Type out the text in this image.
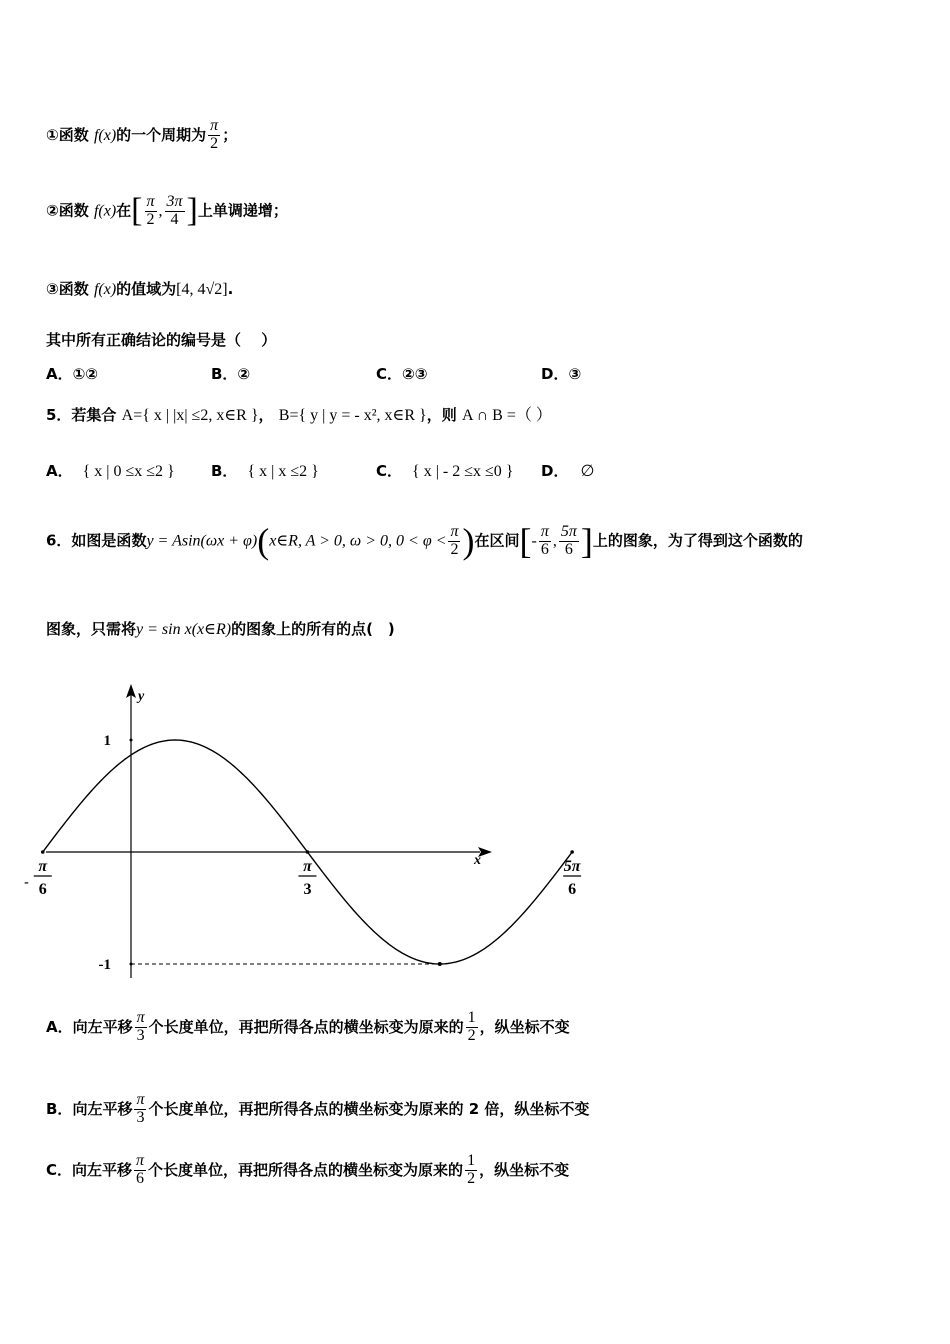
①函数 f(x)的一个周期为 $\frac{\pi}{2}$ ；
②函数 f(x)在[ $\frac{\pi}{2}$ , $\frac{3\pi}{4}$ ]上单调递增；
③函数 f(x)的值域为[4, 4√2].
其中所有正确结论的编号是（　 ）
A．①②	B．②	C．②③	D．③
5．若集合 A={ x | |x| ≤2, x∈R }， B={ y | y = - x², x∈R }，则 A ∩ B =（ ）
A． { x | 0 ≤x ≤2 } B． { x | x ≤2 }	C． { x | - 2 ≤x ≤0 } D． ∅
6．如图是函数y = Asin(ωx + φ)(x∈R, A > 0, ω > 0, $0 < \varphi < \frac{\pi}{2}$ )在区间[- $\frac{\pi}{6}$ , $\frac{5\pi}{6}$ ]上的图象，为了得到这个函数的
图象，只需将y = sin x(x∈R)的图象上的所有的点(　)
y
x
1
-1
π
6
-
π
3
5π
6
A．向左平移 $\frac{\pi}{3}$ 个长度单位，再把所得各点的横坐标变为原来的 $\frac{1}{2}$ ，纵坐标不变
B．向左平移 $\frac{\pi}{3}$ 个长度单位，再把所得各点的横坐标变为原来的 2 倍，纵坐标不变
C．向左平移 $\frac{\pi}{6}$ 个长度单位，再把所得各点的横坐标变为原来的 $\frac{1}{2}$ ，纵坐标不变
